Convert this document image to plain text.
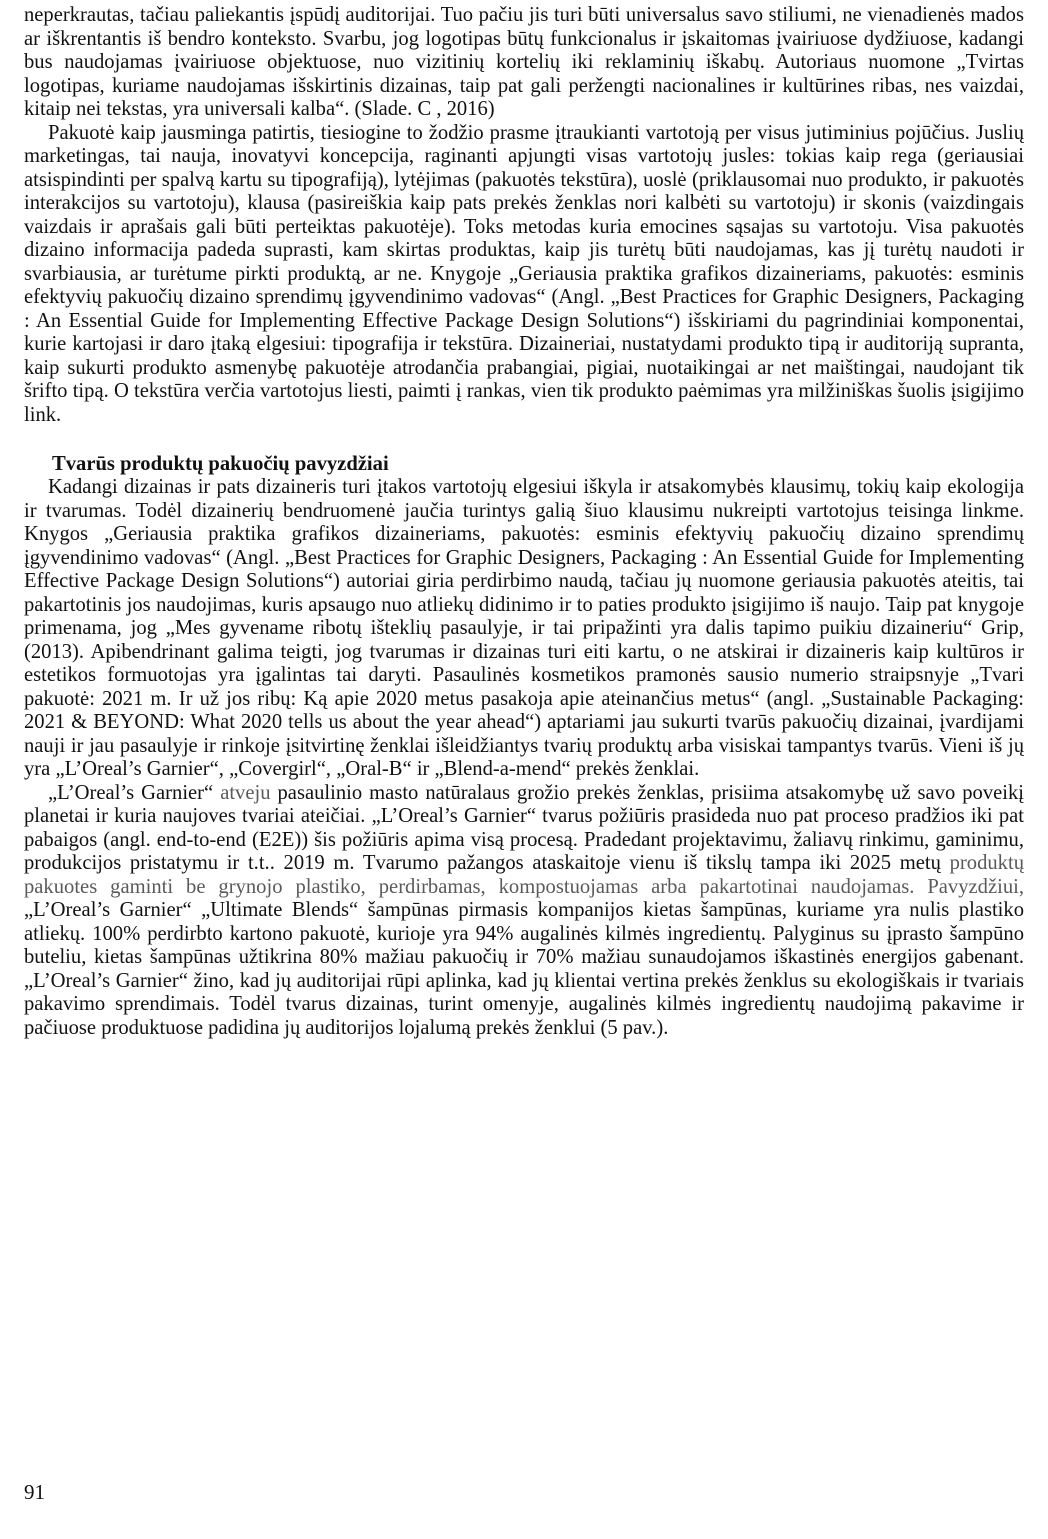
neperkrautas, tačiau paliekantis įspūdį auditorijai. Tuo pačiu jis turi būti universalus savo stiliumi, ne vienadienės mados ar iškrentantis iš bendro konteksto. Svarbu, jog logotipas būtų funkcionalus ir įskaitomas įvairiuose dydžiuose, kadangi bus naudojamas įvairiuose objektuose, nuo vizitinių kortelių iki reklaminių iškabų. Autoriaus nuomone „Tvirtas logotipas, kuriame naudojamas išskirtinis dizainas, taip pat gali peržengti nacionalines ir kultūrines ribas, nes vaizdai, kitaip nei tekstas, yra universali kalba“. (Slade. C , 2016)

Pakuotė kaip jausminga patirtis, tiesiogine to žodžio prasme įtraukianti vartotoją per visus jutiminius pojūčius. Juslių marketingas, tai nauja, inovatyvi koncepcija, raginanti apjungti visas vartotojų jusles: tokias kaip rega (geriausiai atsispindinti per spalvą kartu su tipografiją), lytėjimas (pakuotės tekstūra), uoslė (priklausomai nuo produkto, ir pakuotės interakcijos su vartotoju), klausa (pasireiškia kaip pats prekės ženklas nori kalbėti su vartotoju) ir skonis (vaizdingais vaizdais ir aprašais gali būti perteiktas pakuotėje). Toks metodas kuria emocines sąsajas su vartotoju. Visa pakuotės dizaino informacija padeda suprasti, kam skirtas produktas, kaip jis turėtų būti naudojamas, kas jį turėtų naudoti ir svarbiausia, ar turėtume pirkti produktą, ar ne. Knygoje „Geriausia praktika grafikos dizaineriams, pakuotės: esminis efektyvių pakuočių dizaino sprendimų įgyvendinimo vadovas“ (Angl. „Best Practices for Graphic Designers, Packaging : An Essential Guide for Implementing Effective Package Design Solutions“) išskiriami du pagrindiniai komponentai, kurie kartojasi ir daro įtaką elgesiui: tipografija ir tekstūra. Dizaineriai, nustatydami produkto tipą ir auditoriją supranta, kaip sukurti produkto asmenybę pakuotėje atrodančia prabangiai, pigiai, nuotaikingai ar net maištingai, naudojant tik šrifto tipą. O tekstūra verčia vartotojus liesti, paimti į rankas, vien tik produkto paėmimas yra milžiniškas šuolis įsigijimo link.

Tvarūs produktų pakuočių pavyzdžiai

Kadangi dizainas ir pats dizaineris turi įtakos vartotojų elgesiui iškyla ir atsakomybės klausimų, tokių kaip ekologija ir tvarumas. Todėl dizainerių bendruomenė jaučia turintys galią šiuo klausimu nukreipti vartotojus teisinga linkme. Knygos „Geriausia praktika grafikos dizaineriams, pakuotės: esminis efektyvių pakuočių dizaino sprendimų įgyvendinimo vadovas“ (Angl. „Best Practices for Graphic Designers, Packaging : An Essential Guide for Implementing Effective Package Design Solutions“) autoriai giria perdirbimo naudą, tačiau jų nuomone geriausia pakuotės ateitis, tai pakartotinis jos naudojimas, kuris apsaugo nuo atliekų didinimo ir to paties produkto įsigijimo iš naujo. Taip pat knygoje primenama, jog „Mes gyvename ribotų išteklių pasaulyje, ir tai pripažinti yra dalis tapimo puikiu dizaineriu“ Grip, (2013). Apibendrinant galima teigti, jog tvarumas ir dizainas turi eiti kartu, o ne atskirai ir dizaineris kaip kultūros ir estetikos formuotojas yra įgalintas tai daryti. Pasaulinės kosmetikos pramonės sausio numerio straipsnyje „Tvari pakuotė: 2021 m. Ir už jos ribų: Ką apie 2020 metus pasakoja apie ateinančius metus“ (angl. „Sustainable Packaging: 2021 & BEYOND: What 2020 tells us about the year ahead“) aptariami jau sukurti tvarūs pakuočių dizainai, įvardijami nauji ir jau pasaulyje ir rinkoje įsitvirtinę ženklai išleidžiantys tvarių produktų arba visiskai tampantys tvarūs. Vieni iš jų yra „L’Oreal’s Garnier“, „Covergirl“, „Oral-B“ ir „Blend-a-mend“ prekės ženklai.

„L’Oreal’s Garnier“ atveju pasaulinio masto natūralaus grožio prekės ženklas, prisiima atsakomybę už savo poveikį planetai ir kuria naujoves tvariai ateičiai. „L’Oreal’s Garnier“ tvarus požiūris prasideda nuo pat proceso pradžios iki pat pabaigos (angl. end-to-end (E2E)) šis požiūris apima visą procesą. Pradedant projektavimu, žaliavų rinkimu, gaminimu, produkcijos pristatymu ir t.t.. 2019 m. Tvarumo pažangos ataskaitoje vienu iš tikslų tampa iki 2025 metų produktų pakuotes gaminti be grynojo plastiko, perdirbamas, kompostuojamas arba pakartotinai naudojamas. Pavyzdžiui, „L’Oreal’s Garnier“ „Ultimate Blends“ šampūnas pirmasis kompanijos kietas šampūnas, kuriame yra nulis plastiko atliekų. 100% perdirbto kartono pakuotė, kurioje yra 94% augalinės kilmės ingredientų. Palyginus su įprasto šampūno buteliu, kietas šampūnas užtikrina 80% mažiau pakuočių ir 70% mažiau sunaudojamos iškastinės energijos gabenant. „L’Oreal’s Garnier“ žino, kad jų auditorijai rūpi aplinka, kad jų klientai vertina prekės ženklus su ekologiškais ir tvariais pakavimo sprendimais. Todėl tvarus dizainas, turint omenyje, augalinės kilmės ingredientų naudojimą pakavime ir pačiuose produktuose padidina jų auditorijos lojalumą prekės ženklui (5 pav.).

91
